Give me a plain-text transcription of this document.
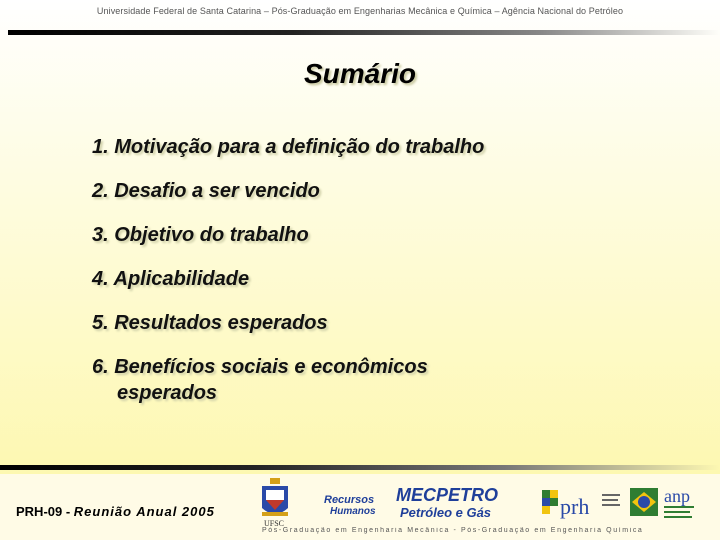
Universidade Federal de Santa Catarina – Pós-Graduação em Engenharias Mecânica e Química – Agência Nacional do Petróleo
Sumário
1. Motivação para a definição do trabalho
2. Desafio a ser vencido
3. Objetivo do trabalho
4. Aplicabilidade
5. Resultados esperados
6. Benefícios sociais e econômicos
esperados
PRH-09 - Reunião Anual 2005
UFSC
Recursos
Humanos
MECPETRO
Petróleo e Gás	prh	anp
Pós-Graduação em Engenharia Mecânica - Pós-Graduação em Engenharia Química
